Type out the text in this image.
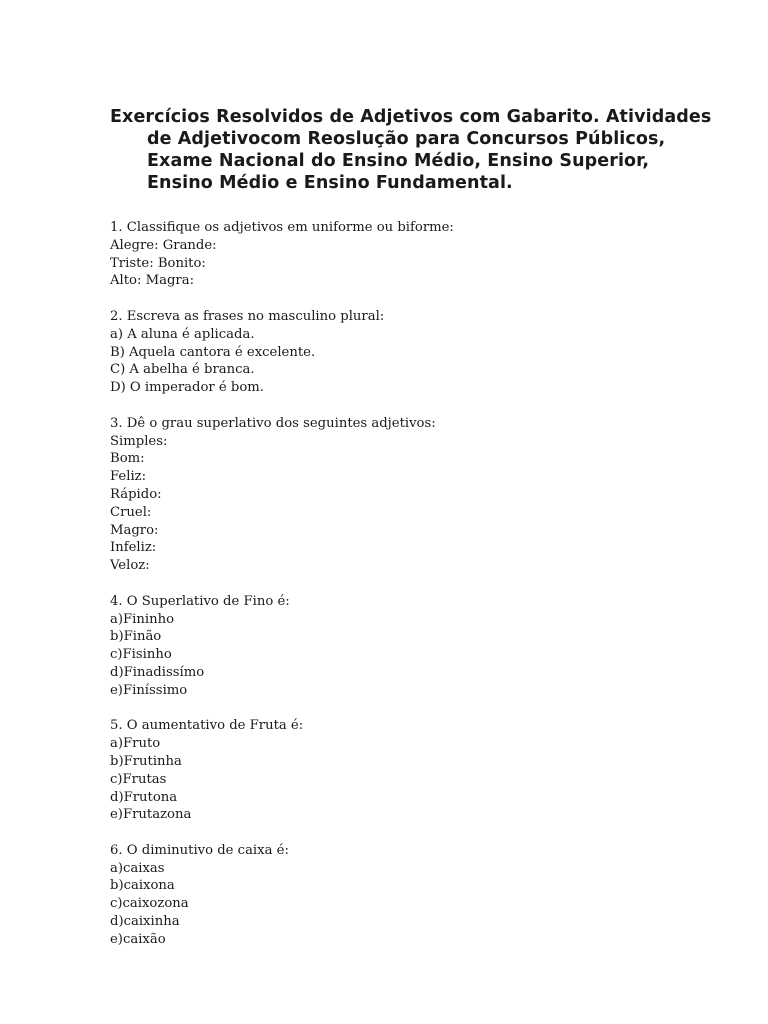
Exercícios Resolvidos de Adjetivos com Gabarito. Atividades
de Adjetivocom Reoslução para Concursos Públicos,
Exame Nacional do Ensino Médio, Ensino Superior,
Ensino Médio e Ensino Fundamental.
1. Classifique os adjetivos em uniforme ou biforme:
Alegre: Grande:
Triste: Bonito:
Alto: Magra:
2. Escreva as frases no masculino plural:
a) A aluna é aplicada.
B) Aquela cantora é excelente.
C) A abelha é branca.
D) O imperador é bom.
3. Dê o grau superlativo dos seguintes adjetivos:
Simples:
Bom:
Feliz:
Rápido:
Cruel:
Magro:
Infeliz:
Veloz:
4. O Superlativo de Fino é:
a)Fininho
b)Finão
c)Fisinho
d)Finadissímo
e)Finíssimo
5. O aumentativo de Fruta é:
a)Fruto
b)Frutinha
c)Frutas
d)Frutona
e)Frutazona
6. O diminutivo de caixa é:
a)caixas
b)caixona
c)caixozona
d)caixinha
e)caixão
